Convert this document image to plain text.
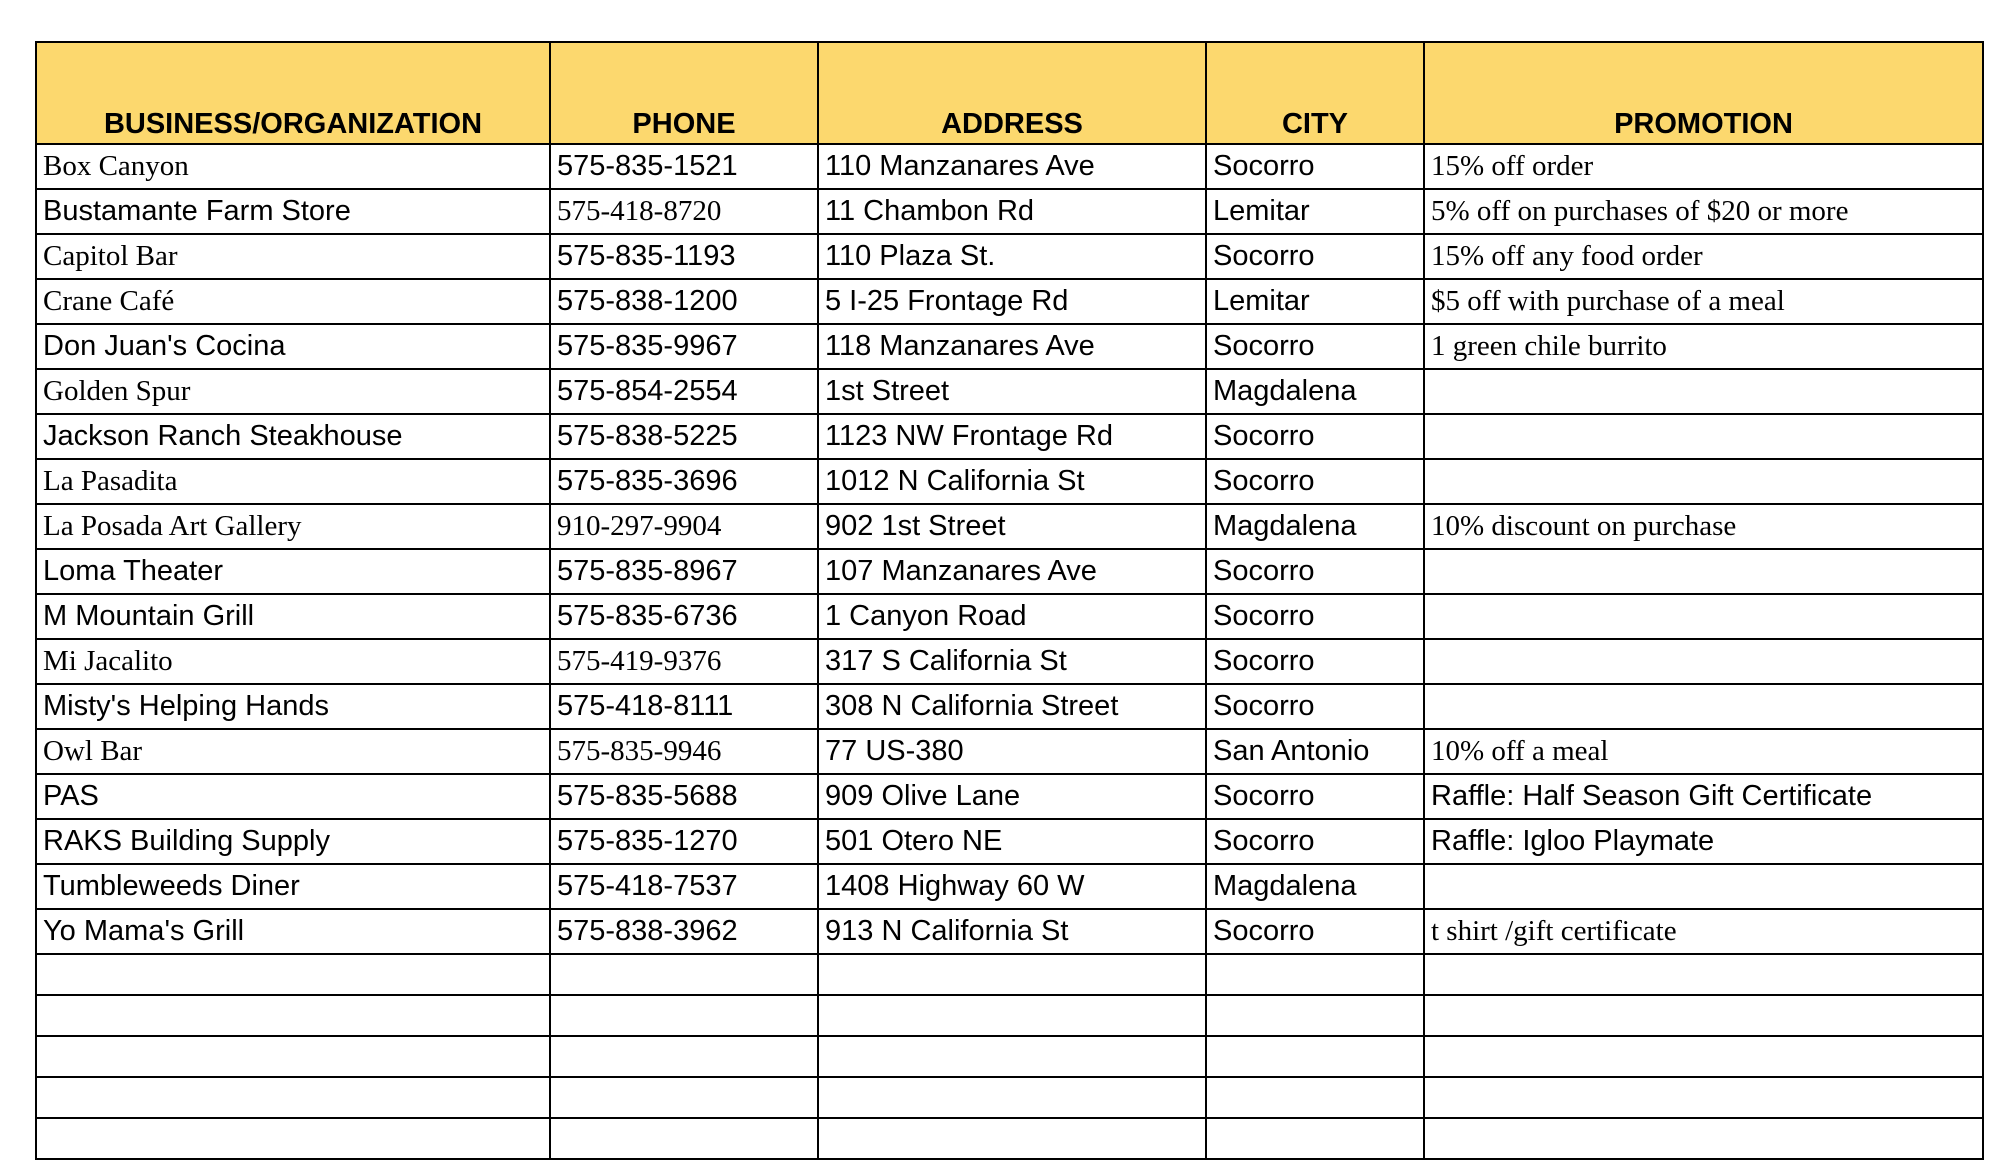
BUSINESS/ORGANIZATION	PHONE	ADDRESS	CITY	PROMOTION
Box Canyon	575-835-1521	110 Manzanares Ave	Socorro	15% off order
Bustamante Farm Store	575-418-8720	11 Chambon Rd	Lemitar	5% off on purchases of $20 or more
Capitol Bar	575-835-1193	110 Plaza St.	Socorro	15% off any food order
Crane Café	575-838-1200	5 I-25 Frontage Rd	Lemitar	$5 off with purchase of a meal
Don Juan's Cocina	575-835-9967	118 Manzanares Ave	Socorro	1 green chile burrito
Golden Spur	575-854-2554	1st Street	Magdalena	
Jackson Ranch Steakhouse	575-838-5225	1123 NW Frontage Rd	Socorro	
La Pasadita	575-835-3696	1012 N California St	Socorro	
La Posada Art Gallery	910-297-9904	902 1st Street	Magdalena	10% discount on purchase
Loma Theater	575-835-8967	107 Manzanares Ave	Socorro	
M Mountain Grill	575-835-6736	1 Canyon Road	Socorro	
Mi Jacalito	575-419-9376	317 S California St	Socorro	
Misty's Helping Hands	575-418-8111	308 N California Street	Socorro	
Owl Bar	575-835-9946	77 US-380	San Antonio	10% off a meal
PAS	575-835-5688	909 Olive Lane	Socorro	Raffle: Half Season Gift Certificate
RAKS Building Supply	575-835-1270	501 Otero NE	Socorro	Raffle: Igloo Playmate
Tumbleweeds Diner	575-418-7537	1408 Highway 60 W	Magdalena	
Yo Mama's Grill	575-838-3962	913 N California St	Socorro	t shirt /gift certificate
